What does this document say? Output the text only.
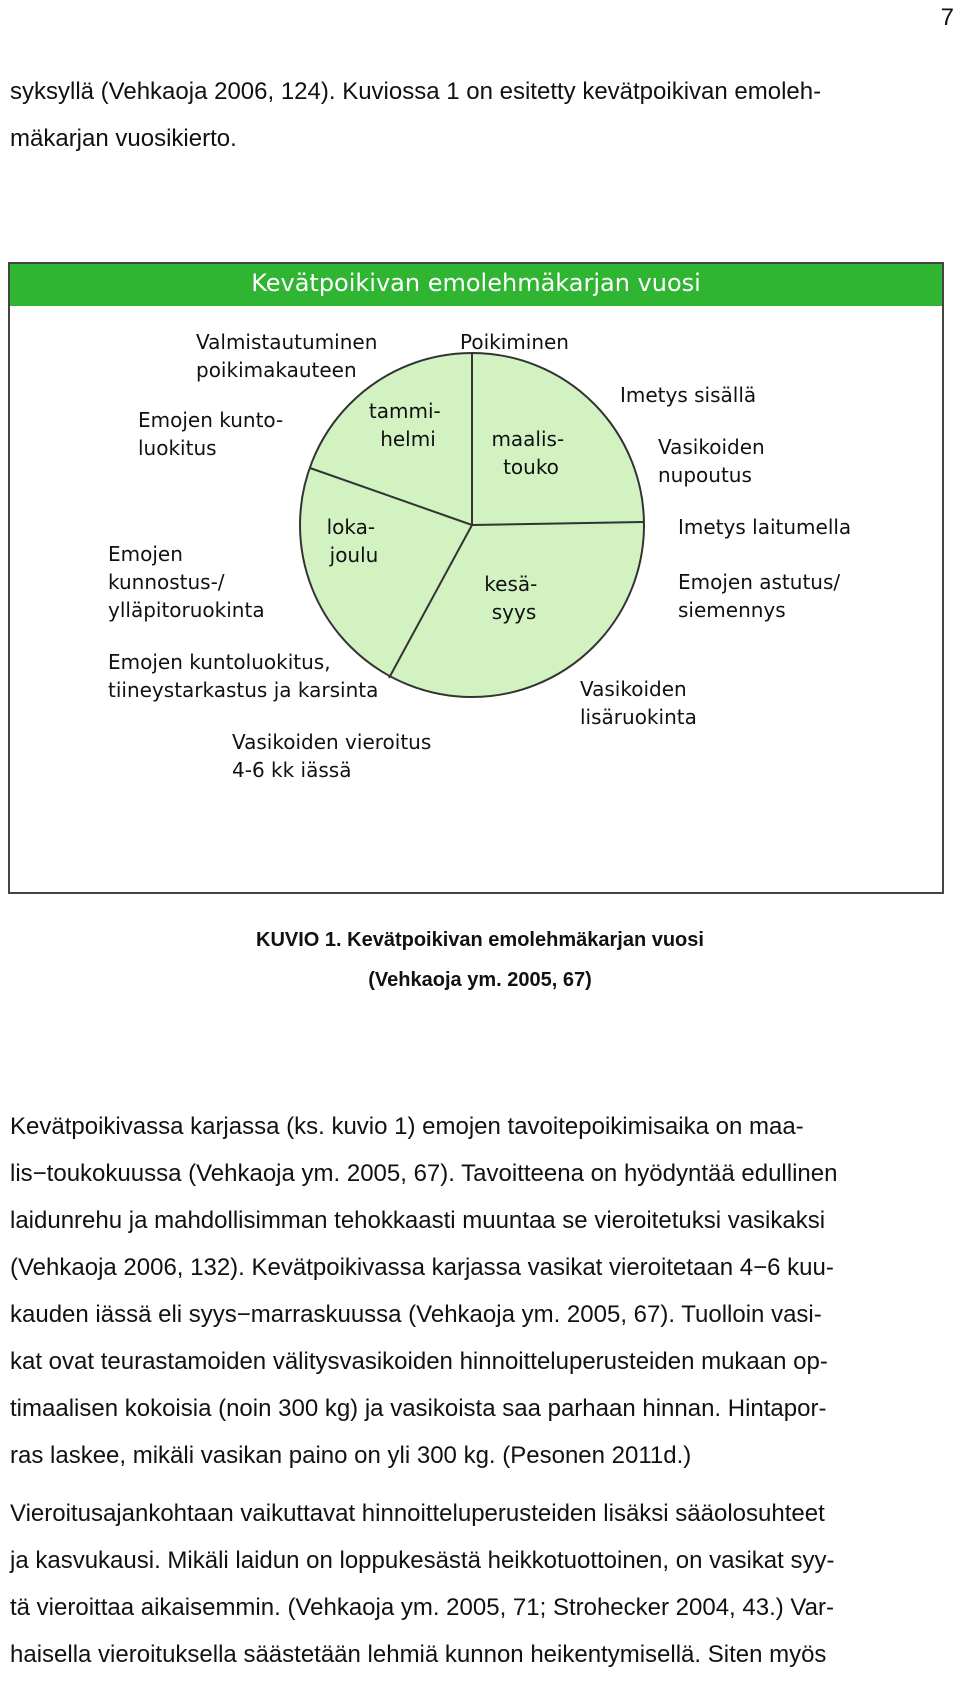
7

syksyllä (Vehkaoja 2006, 124). Kuviossa 1 on esitetty kevätpoikivan emoleh-
mäkarjan vuosikierto.

Kevätpoikivan emolehmäkarjan vuosi
maalis- touko
kesä- syys
loka- joulu
tammi- helmi
Valmistautuminen poikimakauteen
Poikiminen
Imetys sisällä
Vasikoiden nupoutus
Emojen kunto- luokitus
Imetys laitumella
Emojen kunnostus-/ ylläpitoruokinta
Emojen astutus/ siemennys
Emojen kuntoluokitus, tiineystarkastus ja karsinta	Vasikoiden lisäruokinta
Vasikoiden vieroitus 4-6 kk iässä
KUVIO 1. Kevätpoikivan emolehmäkarjan vuosi
(Vehkaoja ym. 2005, 67)

Kevätpoikivassa karjassa (ks. kuvio 1) emojen tavoitepoikimisaika on maa-
lis−toukokuussa (Vehkaoja ym. 2005, 67). Tavoitteena on hyödyntää edullinen
laidunrehu ja mahdollisimman tehokkaasti muuntaa se vieroitetuksi vasikaksi
(Vehkaoja 2006, 132). Kevätpoikivassa karjassa vasikat vieroitetaan 4−6 kuu-
kauden iässä eli syys−marraskuussa (Vehkaoja ym. 2005, 67). Tuolloin vasi-
kat ovat teurastamoiden välitysvasikoiden hinnoitteluperusteiden mukaan op-
timaalisen kokoisia (noin 300 kg) ja vasikoista saa parhaan hinnan. Hintapor-
ras laskee, mikäli vasikan paino on yli 300 kg. (Pesonen 2011d.)

Vieroitusajankohtaan vaikuttavat hinnoitteluperusteiden lisäksi sääolosuhteet
ja kasvukausi. Mikäli laidun on loppukesästä heikkotuottoinen, on vasikat syy-
tä vieroittaa aikaisemmin. (Vehkaoja ym. 2005, 71; Strohecker 2004, 43.) Var-
haisella vieroituksella säästetään lehmiä kunnon heikentymisellä. Siten myös
